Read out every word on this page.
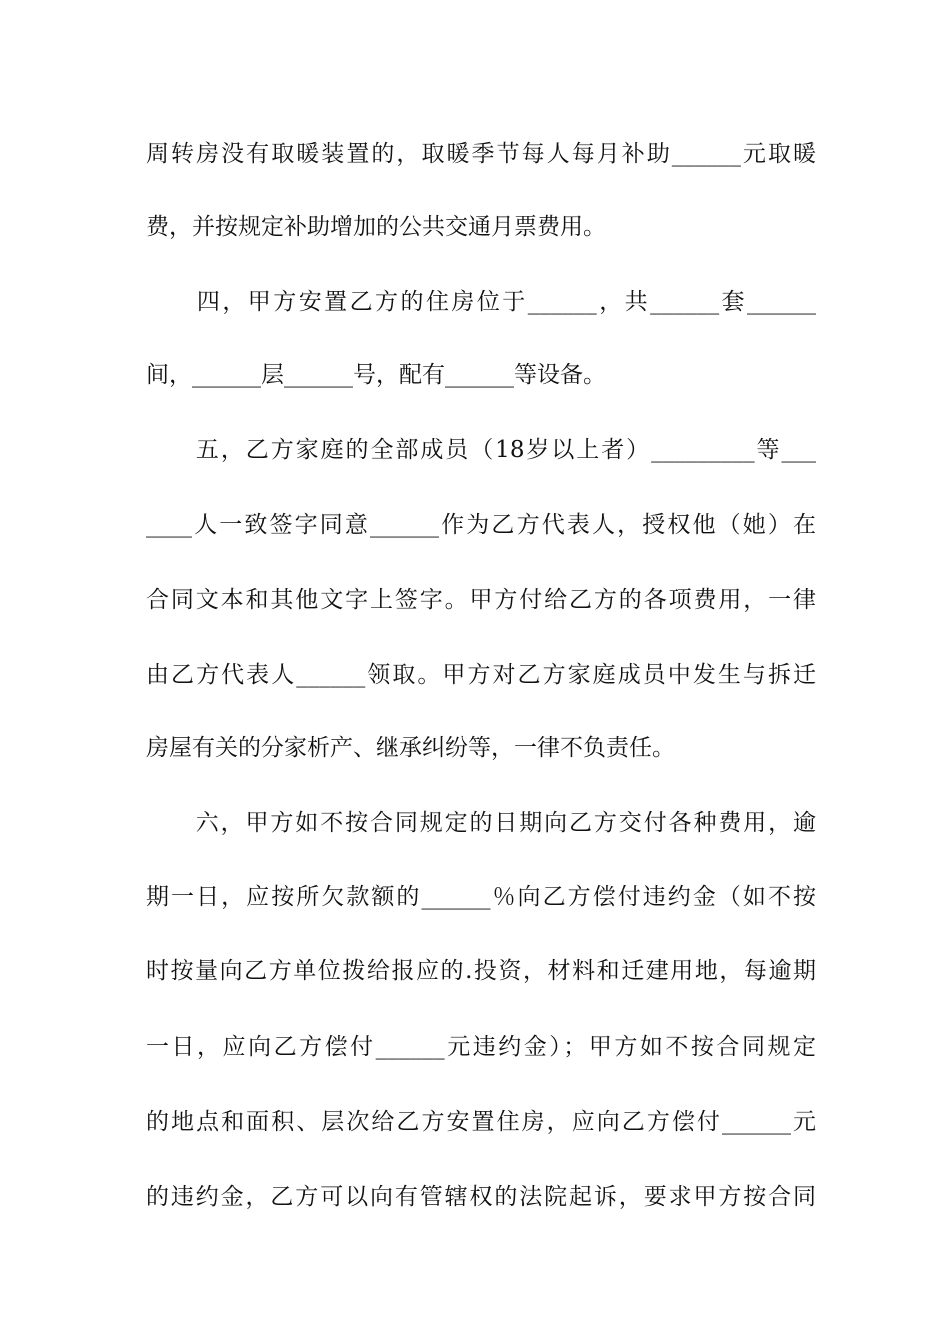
周转房没有取暖装置的，取暖季节每人每月补助______元取暖
费，并按规定补助增加的公共交通月票费用。
　　四，甲方安置乙方的住房位于______，共______套______
间，______层______号，配有______等设备。
　　五，乙方家庭的全部成员（18岁以上者）_________等___
____人一致签字同意______作为乙方代表人，授权他（她）在
合同文本和其他文字上签字。甲方付给乙方的各项费用，一律
由乙方代表人______领取。甲方对乙方家庭成员中发生与拆迁
房屋有关的分家析产、继承纠纷等，一律不负责任。
　　六，甲方如不按合同规定的日期向乙方交付各种费用，逾
期一日，应按所欠款额的______％向乙方偿付违约金（如不按
时按量向乙方单位拨给报应的.投资，材料和迁建用地，每逾期
一日，应向乙方偿付______元违约金）；甲方如不按合同规定
的地点和面积、层次给乙方安置住房，应向乙方偿付______元
的违约金，乙方可以向有管辖权的法院起诉，要求甲方按合同
